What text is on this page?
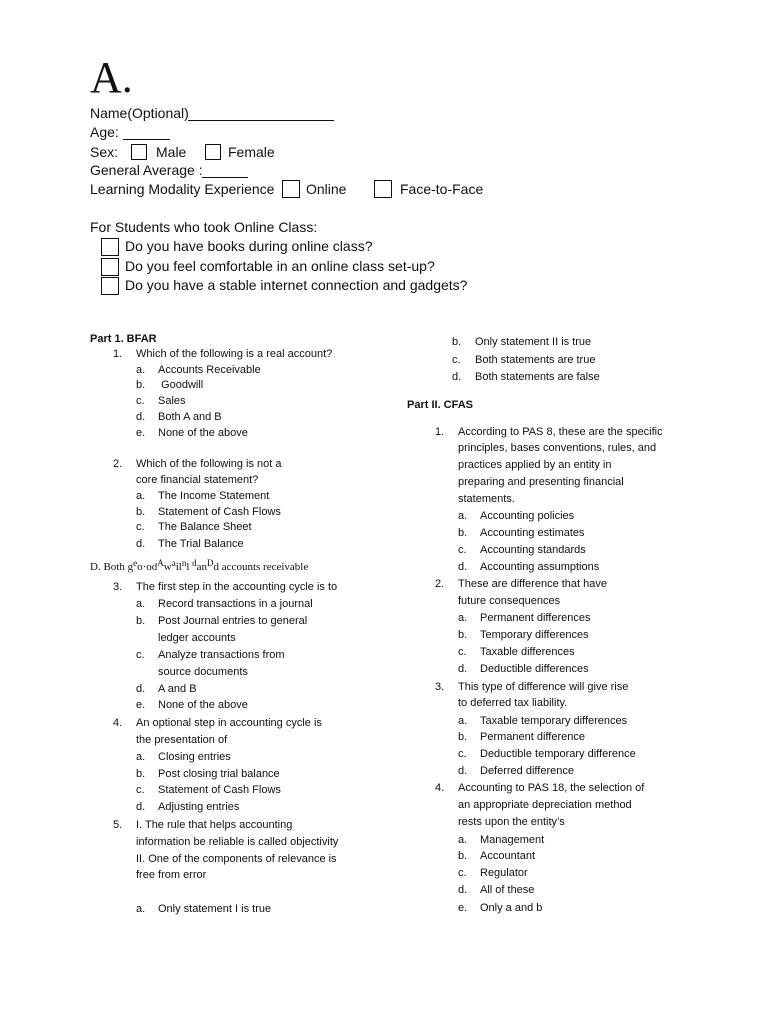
A.
Name(Optional)
Age:
Sex:	Male	Female
General Average :
Learning Modality Experience Online	Face-to-Face
For Students who took Online Class:
Do you have books during online class?
Do you feel comfortable in an online class set-up?
Do you have a stable internet connection and gadgets?
Part 1. BFAR
1. Which of the following is a real account?
a. Accounts Receivable
b. Goodwill
c. Sales
d. Both A and B
e. None of the above
2. Which of the following is not a
core financial statement?
a. The Income Statement
b. Statement of Cash Flows
c. The Balance Sheet
d. The Trial Balance
D. Both $g^eo\cdot od^Aw^ail^nl$ $^dan^Dd$ accounts receivable
3. The first step in the accounting cycle is to
a. Record transactions in a journal
b. Post Journal entries to general
ledger accounts
c. Analyze transactions from
source documents
d. A and B
e. None of the above
4. An optional step in accounting cycle is
the presentation of
a. Closing entries
b. Post closing trial balance
c. Statement of Cash Flows
d. Adjusting entries
5. I. The rule that helps accounting
information be reliable is called objectivity
II. One of the components of relevance is
free from error
a. Only statement I is true
b. Only statement II is true
c. Both statements are true
d. Both statements are false
Part II. CFAS
1. According to PAS 8, these are the specific
principles, bases conventions, rules, and
practices applied by an entity in
preparing and presenting financial
statements.
a. Accounting policies
b. Accounting estimates
c. Accounting standards
d. Accounting assumptions
2. These are difference that have
future consequences
a. Permanent differences
b. Temporary differences
c. Taxable differences
d. Deductible differences
3. This type of difference will give rise
to deferred tax liability.
a. Taxable temporary differences
b. Permanent difference
c. Deductible temporary difference
d. Deferred difference
4. Accounting to PAS 18, the selection of
an appropriate depreciation method
rests upon the entity’s
a. Management
b. Accountant
c. Regulator
d. All of these
e. Only a and b
